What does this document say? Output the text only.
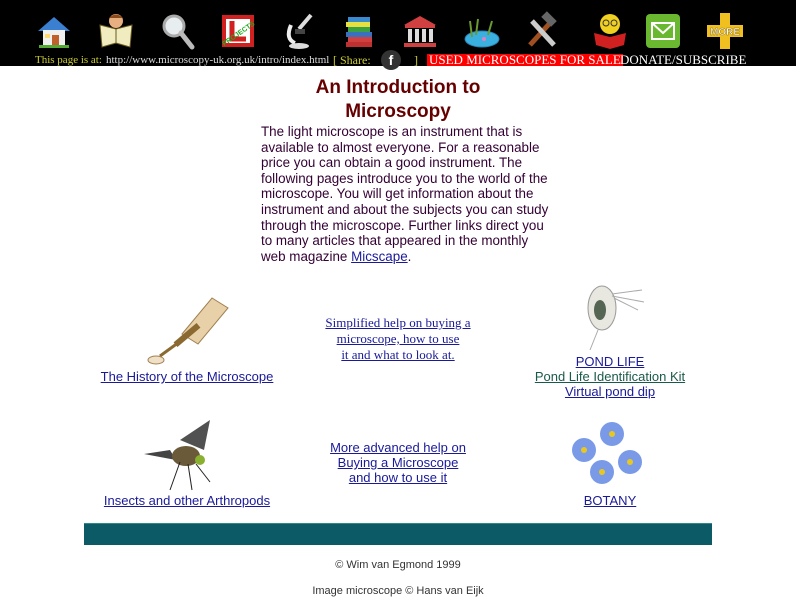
PROJECTS	MORE
This page is at: http://www.microscopy-uk.org.uk/intro/index.html [ Share:	] USED MICROSCOPES FOR SALE DONATE/SUBSCRIBE
f
An Introduction to
Microscopy
The light microscope is an instrument that is available to almost everyone. For a reasonable price you can obtain a good instrument. The following pages introduce you to the world of the microscope. You will get information about the instrument and about the subjects you can study through the microscope. Further links direct you to many articles that appeared in the monthly web magazine Micscape.
The History of the Microscope
Simplified help on buying a
microscope, how to use
it and what to look at.	POND LIFE
Pond Life Identification Kit
Virtual pond dip
Insects and other Arthropods
More advanced help on
Buying a Microscope
and how to use it
BOTANY
© Wim van Egmond 1999
Image microscope © Hans van Eijk
